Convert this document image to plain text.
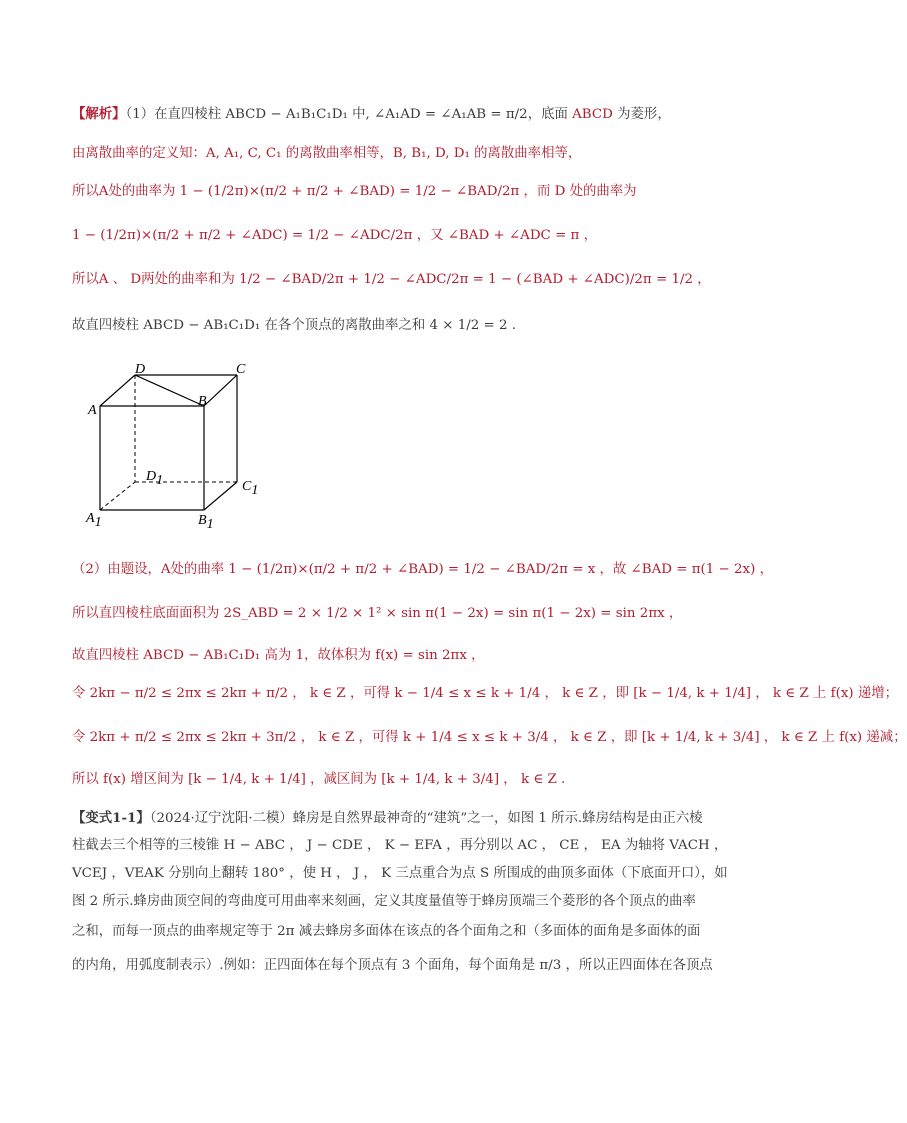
【解析】（1）在直四棱柱 ABCD − A₁B₁C₁D₁ 中, ∠A₁AD = ∠A₁AB = π/2，底面 ABCD 为菱形，
由离散曲率的定义知：A, A₁, C, C₁ 的离散曲率相等，B, B₁, D, D₁ 的离散曲率相等，
所以A处的曲率为 1 − (1/2π)×(π/2 + π/2 + ∠BAD) = 1/2 − ∠BAD/2π ，而 D 处的曲率为
1 − (1/2π)×(π/2 + π/2 + ∠ADC) = 1/2 − ∠ADC/2π ，又 ∠BAD + ∠ADC = π ，
所以A 、 D两处的曲率和为 1/2 − ∠BAD/2π + 1/2 − ∠ADC/2π = 1 − (∠BAD + ∠ADC)/2π = 1/2 ，
故直四棱柱 ABCD − AB₁C₁D₁ 在各个顶点的离散曲率之和 4 × 1/2 = 2 .
（2）由题设，A处的曲率 1 − (1/2π)×(π/2 + π/2 + ∠BAD) = 1/2 − ∠BAD/2π = x ，故 ∠BAD = π(1 − 2x) ，
所以直四棱柱底面面积为 2S_ABD = 2 × 1/2 × 1² × sin π(1 − 2x) = sin π(1 − 2x) = sin 2πx ，
故直四棱柱 ABCD − AB₁C₁D₁ 高为 1，故体积为 f(x) = sin 2πx ，
令 2kπ − π/2 ≤ 2πx ≤ 2kπ + π/2 ， k ∈ Z ，可得 k − 1/4 ≤ x ≤ k + 1/4 ， k ∈ Z ，即 [k − 1/4, k + 1/4] ， k ∈ Z 上 f(x) 递增；
令 2kπ + π/2 ≤ 2πx ≤ 2kπ + 3π/2 ， k ∈ Z ，可得 k + 1/4 ≤ x ≤ k + 3/4 ， k ∈ Z ，即 [k + 1/4, k + 3/4] ， k ∈ Z 上 f(x) 递减；
所以 f(x) 增区间为 [k − 1/4, k + 1/4] ，减区间为 [k + 1/4, k + 3/4] ， k ∈ Z .
【变式1-1】（2024·辽宁沈阳·二模）蜂房是自然界最神奇的“建筑”之一，如图 1 所示.蜂房结构是由正六棱
柱截去三个相等的三棱锥 H − ABC ， J − CDE ， K − EFA ，再分别以 AC ， CE ， EA 为轴将 VACH ，
VCEJ ，VEAK 分别向上翻转 180° ，使 H ， J ， K 三点重合为点 S 所围成的曲顶多面体（下底面开口），如
图 2 所示.蜂房曲顶空间的弯曲度可用曲率来刻画，定义其度量值等于蜂房顶端三个菱形的各个顶点的曲率
之和，而每一顶点的曲率规定等于 2π 减去蜂房多面体在该点的各个面角之和（多面体的面角是多面体的面
的内角，用弧度制表示）.例如：正四面体在每个顶点有 3 个面角，每个面角是 π/3 ，所以正四面体在各顶点
D	C
A
B
D1	C1
A1	B1
